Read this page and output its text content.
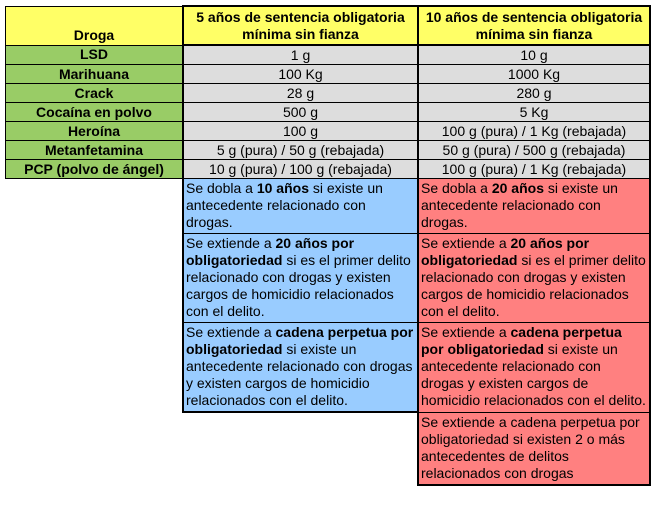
Droga	5 años de sentencia obligatoria mínima sin fianza	10 años de sentencia obligatoria mínima sin fianza
LSD	1 g	10 g
Marihuana	100 Kg	1000 Kg
Crack	28 g	280 g
Cocaína en polvo	500 g	5 Kg
Heroína	100 g	100 g (pura) / 1 Kg (rebajada)
Metanfetamina	5 g (pura) / 50 g (rebajada)	50 g (pura) / 500 g (rebajada)
PCP (polvo de ángel)	10 g (pura) / 100 g (rebajada)	100 g (pura) / 1 Kg (rebajada)
	Se dobla a 10 años si existe un antecedente relacionado con drogas.	Se dobla a 20 años si existe un antecedente relacionado con drogas.
	Se extiende a 20 años por obligatoriedad si es el primer delito relacionado con drogas y existen cargos de homicidio relacionados con el delito.	Se extiende a 20 años por obligatoriedad si es el primer delito relacionado con drogas y existen cargos de homicidio relacionados con el delito.
	Se extiende a cadena perpetua por obligatoriedad si existe un antecedente relacionado con drogas y existen cargos de homicidio relacionados con el delito.	Se extiende a cadena perpetua por obligatoriedad si existe un antecedente relacionado con drogas y existen cargos de homicidio relacionados con el delito.
		Se extiende a cadena perpetua por obligatoriedad si existen 2 o más antecedentes de delitos relacionados con drogas
